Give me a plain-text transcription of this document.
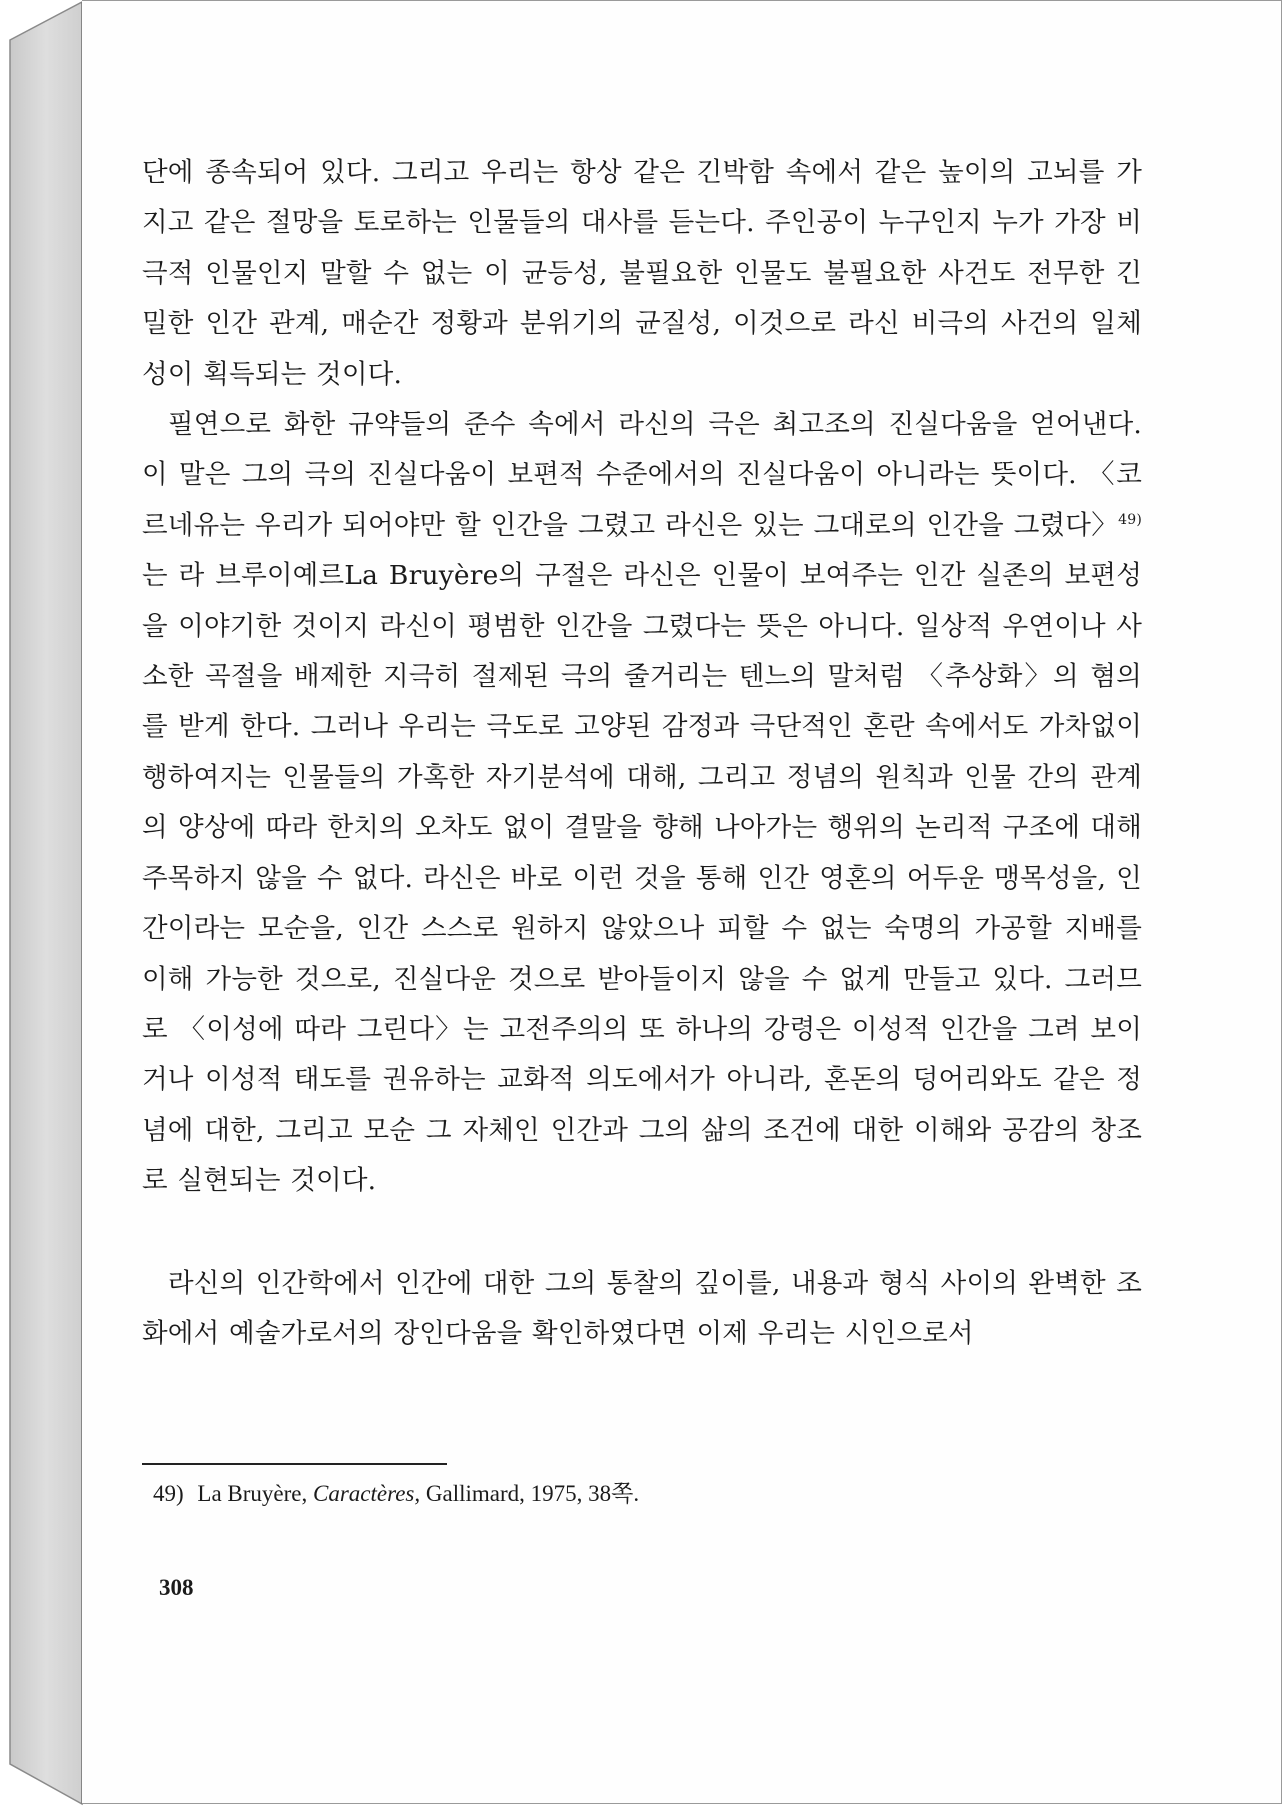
단에 종속되어 있다. 그리고 우리는 항상 같은 긴박함 속에서 같은 높이의 고뇌를 가지고 같은 절망을 토로하는 인물들의 대사를 듣는다. 주인공이 누구인지 누가 가장 비극적 인물인지 말할 수 없는 이 균등성, 불필요한 인물도 불필요한 사건도 전무한 긴밀한 인간 관계, 매순간 정황과 분위기의 균질성, 이것으로 라신 비극의 사건의 일체성이 획득되는 것이다.

필연으로 화한 규약들의 준수 속에서 라신의 극은 최고조의 진실다움을 얻어낸다. 이 말은 그의 극의 진실다움이 보편적 수준에서의 진실다움이 아니라는 뜻이다. 〈코르네유는 우리가 되어야만 할 인간을 그렸고 라신은 있는 그대로의 인간을 그렸다〉$^{49)}$는 라 브루이예르La Bruyère의 구절은 라신은 인물이 보여주는 인간 실존의 보편성을 이야기한 것이지 라신이 평범한 인간을 그렸다는 뜻은 아니다. 일상적 우연이나 사소한 곡절을 배제한 지극히 절제된 극의 줄거리는 텐느의 말처럼 〈추상화〉의 혐의를 받게 한다. 그러나 우리는 극도로 고양된 감정과 극단적인 혼란 속에서도 가차없이 행하여지는 인물들의 가혹한 자기분석에 대해, 그리고 정념의 원칙과 인물 간의 관계의 양상에 따라 한치의 오차도 없이 결말을 향해 나아가는 행위의 논리적 구조에 대해 주목하지 않을 수 없다. 라신은 바로 이런 것을 통해 인간 영혼의 어두운 맹목성을, 인간이라는 모순을, 인간 스스로 원하지 않았으나 피할 수 없는 숙명의 가공할 지배를 이해 가능한 것으로, 진실다운 것으로 받아들이지 않을 수 없게 만들고 있다. 그러므로 〈이성에 따라 그린다〉는 고전주의의 또 하나의 강령은 이성적 인간을 그려 보이거나 이성적 태도를 권유하는 교화적 의도에서가 아니라, 혼돈의 덩어리와도 같은 정념에 대한, 그리고 모순 그 자체인 인간과 그의 삶의 조건에 대한 이해와 공감의 창조로 실현되는 것이다.

라신의 인간학에서 인간에 대한 그의 통찰의 깊이를, 내용과 형식 사이의 완벽한 조화에서 예술가로서의 장인다움을 확인하였다면 이제 우리는 시인으로서

49) La Bruyère, Caractères, Gallimard, 1975, 38쪽.
308
